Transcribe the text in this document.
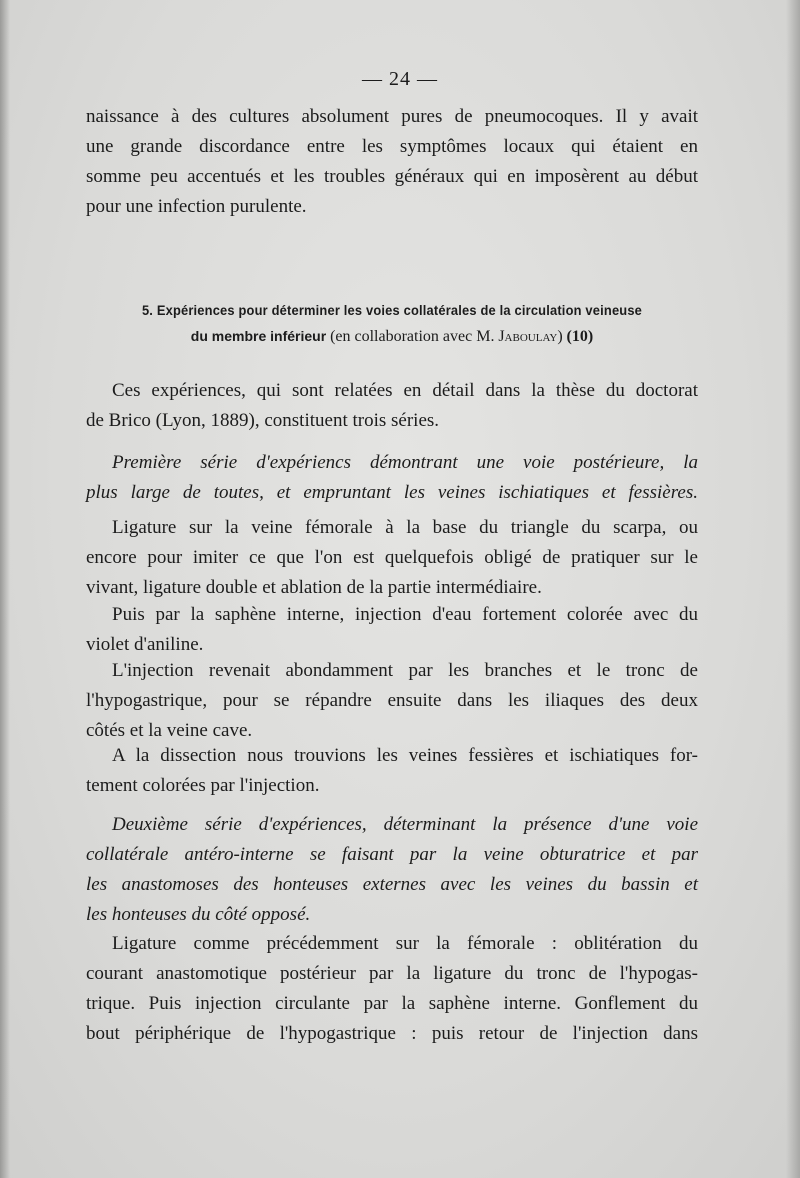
— 24 —

naissance à des cultures absolument pures de pneumocoques. Il y avait
une grande discordance entre les symptômes locaux qui étaient en
somme peu accentués et les troubles généraux qui en imposèrent au début
pour une infection purulente.

5. Expériences pour déterminer les voies collatérales de la circulation veineuse
du membre inférieur (en collaboration avec M. Jaboulay) (10)

Ces expériences, qui sont relatées en détail dans la thèse du doctorat
de Brico (Lyon, 1889), constituent trois séries.

Première série d'expériencs démontrant une voie postérieure, la
plus large de toutes, et empruntant les veines ischiatiques et fessières.

Ligature sur la veine fémorale à la base du triangle du scarpa, ou
encore pour imiter ce que l'on est quelquefois obligé de pratiquer sur le
vivant, ligature double et ablation de la partie intermédiaire.

Puis par la saphène interne, injection d'eau fortement colorée avec du
violet d'aniline.

L'injection revenait abondamment par les branches et le tronc de
l'hypogastrique, pour se répandre ensuite dans les iliaques des deux
côtés et la veine cave.

A la dissection nous trouvions les veines fessières et ischiatiques for-
tement colorées par l'injection.

Deuxième série d'expériences, déterminant la présence d'une voie
collatérale antéro-interne se faisant par la veine obturatrice et par
les anastomoses des honteuses externes avec les veines du bassin et
les honteuses du côté opposé.

Ligature comme précédemment sur la fémorale : oblitération du
courant anastomotique postérieur par la ligature du tronc de l'hypogas-
trique. Puis injection circulante par la saphène interne. Gonflement du
bout périphérique de l'hypogastrique : puis retour de l'injection dans
